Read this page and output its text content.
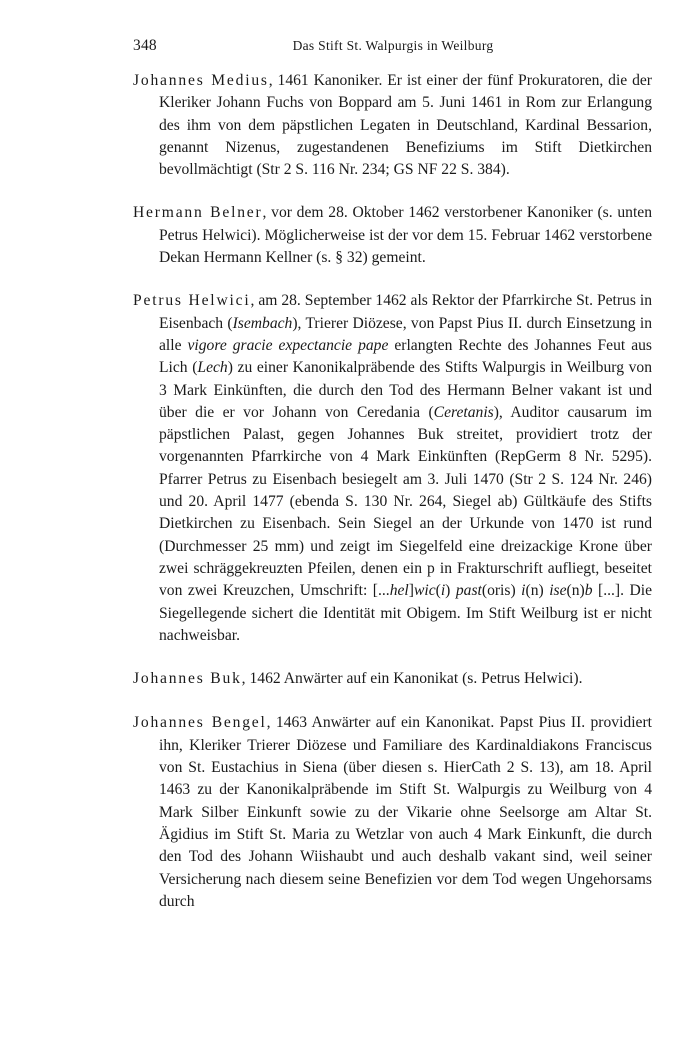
348	Das Stift St. Walpurgis in Weilburg

Johannes Medius, 1461 Kanoniker. Er ist einer der fünf Prokuratoren, die der Kleriker Johann Fuchs von Boppard am 5. Juni 1461 in Rom zur Erlangung des ihm von dem päpstlichen Legaten in Deutschland, Kardinal Bessarion, genannt Nizenus, zugestandenen Benefiziums im Stift Dietkirchen bevollmächtigt (Str 2 S. 116 Nr. 234; GS NF 22 S. 384).

Hermann Belner, vor dem 28. Oktober 1462 verstorbener Kanoniker (s. unten Petrus Helwici). Möglicherweise ist der vor dem 15. Februar 1462 verstorbene Dekan Hermann Kellner (s. § 32) gemeint.

Petrus Helwici, am 28. September 1462 als Rektor der Pfarrkirche St. Petrus in Eisenbach (Isembach), Trierer Diözese, von Papst Pius II. durch Einsetzung in alle vigore gracie expectancie pape erlangten Rechte des Johannes Feut aus Lich (Lech) zu einer Kanonikalpräbende des Stifts Walpurgis in Weilburg von 3 Mark Einkünften, die durch den Tod des Hermann Belner vakant ist und über die er vor Johann von Ceredania (Ceretanis), Auditor causarum im päpstlichen Palast, gegen Johannes Buk streitet, providiert trotz der vorgenannten Pfarrkirche von 4 Mark Einkünften (RepGerm 8 Nr. 5295). Pfarrer Petrus zu Eisenbach besiegelt am 3. Juli 1470 (Str 2 S. 124 Nr. 246) und 20. April 1477 (ebenda S. 130 Nr. 264, Siegel ab) Gültkäufe des Stifts Dietkirchen zu Eisenbach. Sein Siegel an der Urkunde von 1470 ist rund (Durchmesser 25 mm) und zeigt im Siegelfeld eine dreizackige Krone über zwei schräggekreuzten Pfeilen, denen ein p in Frakturschrift aufliegt, beseitet von zwei Kreuzchen, Umschrift: [...hel]wic(i) past(oris) i(n) ise(n)b [...]. Die Siegellegende sichert die Identität mit Obigem. Im Stift Weilburg ist er nicht nachweisbar.

Johannes Buk, 1462 Anwärter auf ein Kanonikat (s. Petrus Helwici).

Johannes Bengel, 1463 Anwärter auf ein Kanonikat. Papst Pius II. providiert ihn, Kleriker Trierer Diözese und Familiare des Kardinaldiakons Franciscus von St. Eustachius in Siena (über diesen s. HierCath 2 S. 13), am 18. April 1463 zu der Kanonikalpräbende im Stift St. Walpurgis zu Weilburg von 4 Mark Silber Einkunft sowie zu der Vikarie ohne Seelsorge am Altar St. Ägidius im Stift St. Maria zu Wetzlar von auch 4 Mark Einkunft, die durch den Tod des Johann Wiishaubt und auch deshalb vakant sind, weil seiner Versicherung nach diesem seine Benefizien vor dem Tod wegen Ungehorsams durch
